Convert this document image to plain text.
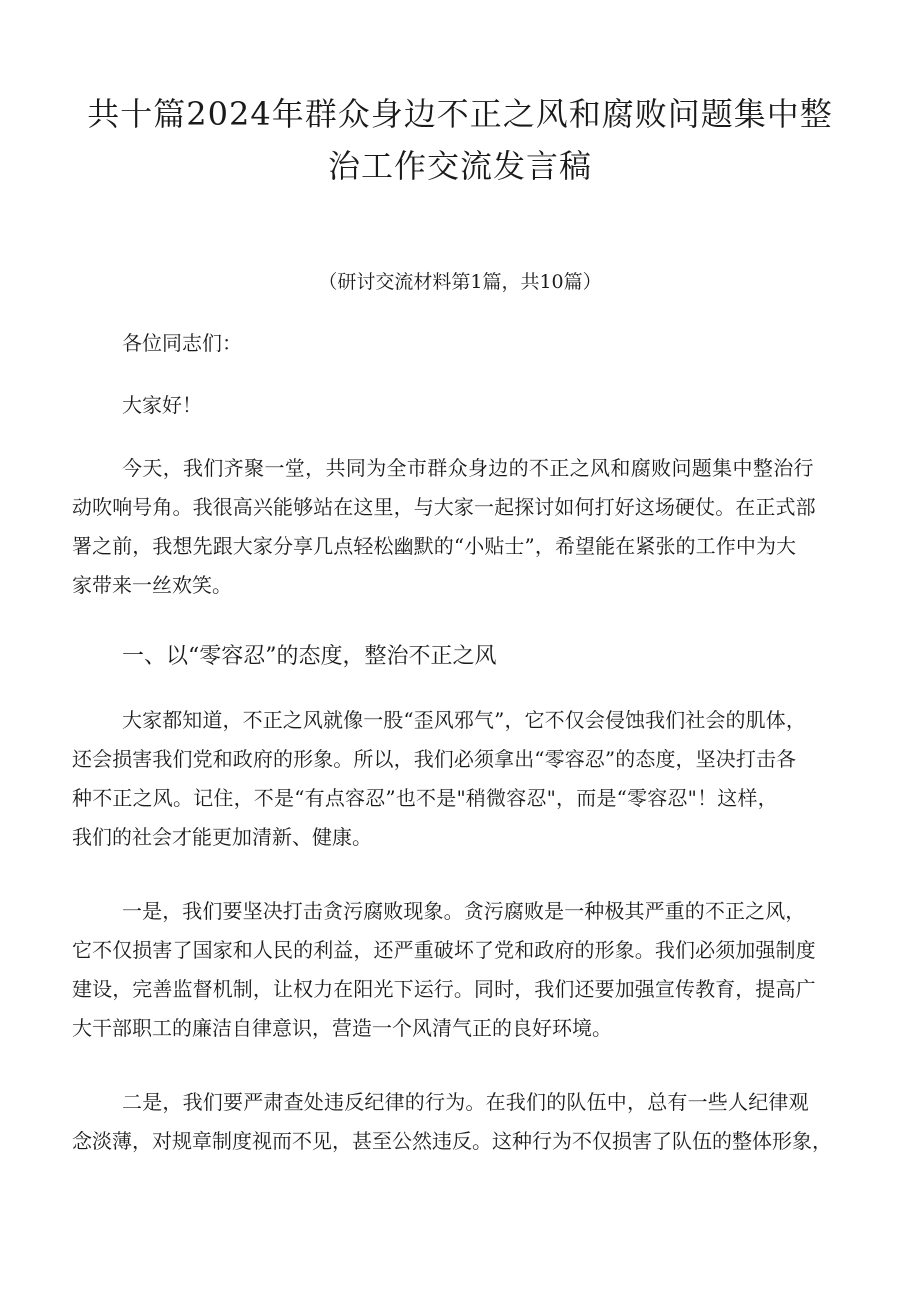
共十篇2024年群众身边不正之风和腐败问题集中整
治工作交流发言稿

（研讨交流材料第1篇，共10篇）

各位同志们：

大家好！

今天，我们齐聚一堂，共同为全市群众身边的不正之风和腐败问题集中整治行

动吹响号角。我很高兴能够站在这里，与大家一起探讨如何打好这场硬仗。在正式部

署之前，我想先跟大家分享几点轻松幽默的“小贴士”，希望能在紧张的工作中为大

家带来一丝欢笑。

一、以“零容忍”的态度，整治不正之风

大家都知道，不正之风就像一股“歪风邪气”，它不仅会侵蚀我们社会的肌体，

还会损害我们党和政府的形象。所以，我们必须拿出“零容忍”的态度，坚决打击各

种不正之风。记住，不是“有点容忍”也不是"稍微容忍"，而是“零容忍"！这样，

我们的社会才能更加清新、健康。

一是，我们要坚决打击贪污腐败现象。贪污腐败是一种极其严重的不正之风，

它不仅损害了国家和人民的利益，还严重破坏了党和政府的形象。我们必须加强制度

建设，完善监督机制，让权力在阳光下运行。同时，我们还要加强宣传教育，提高广

大干部职工的廉洁自律意识，营造一个风清气正的良好环境。

二是，我们要严肃查处违反纪律的行为。在我们的队伍中，总有一些人纪律观

念淡薄，对规章制度视而不见，甚至公然违反。这种行为不仅损害了队伍的整体形象，
